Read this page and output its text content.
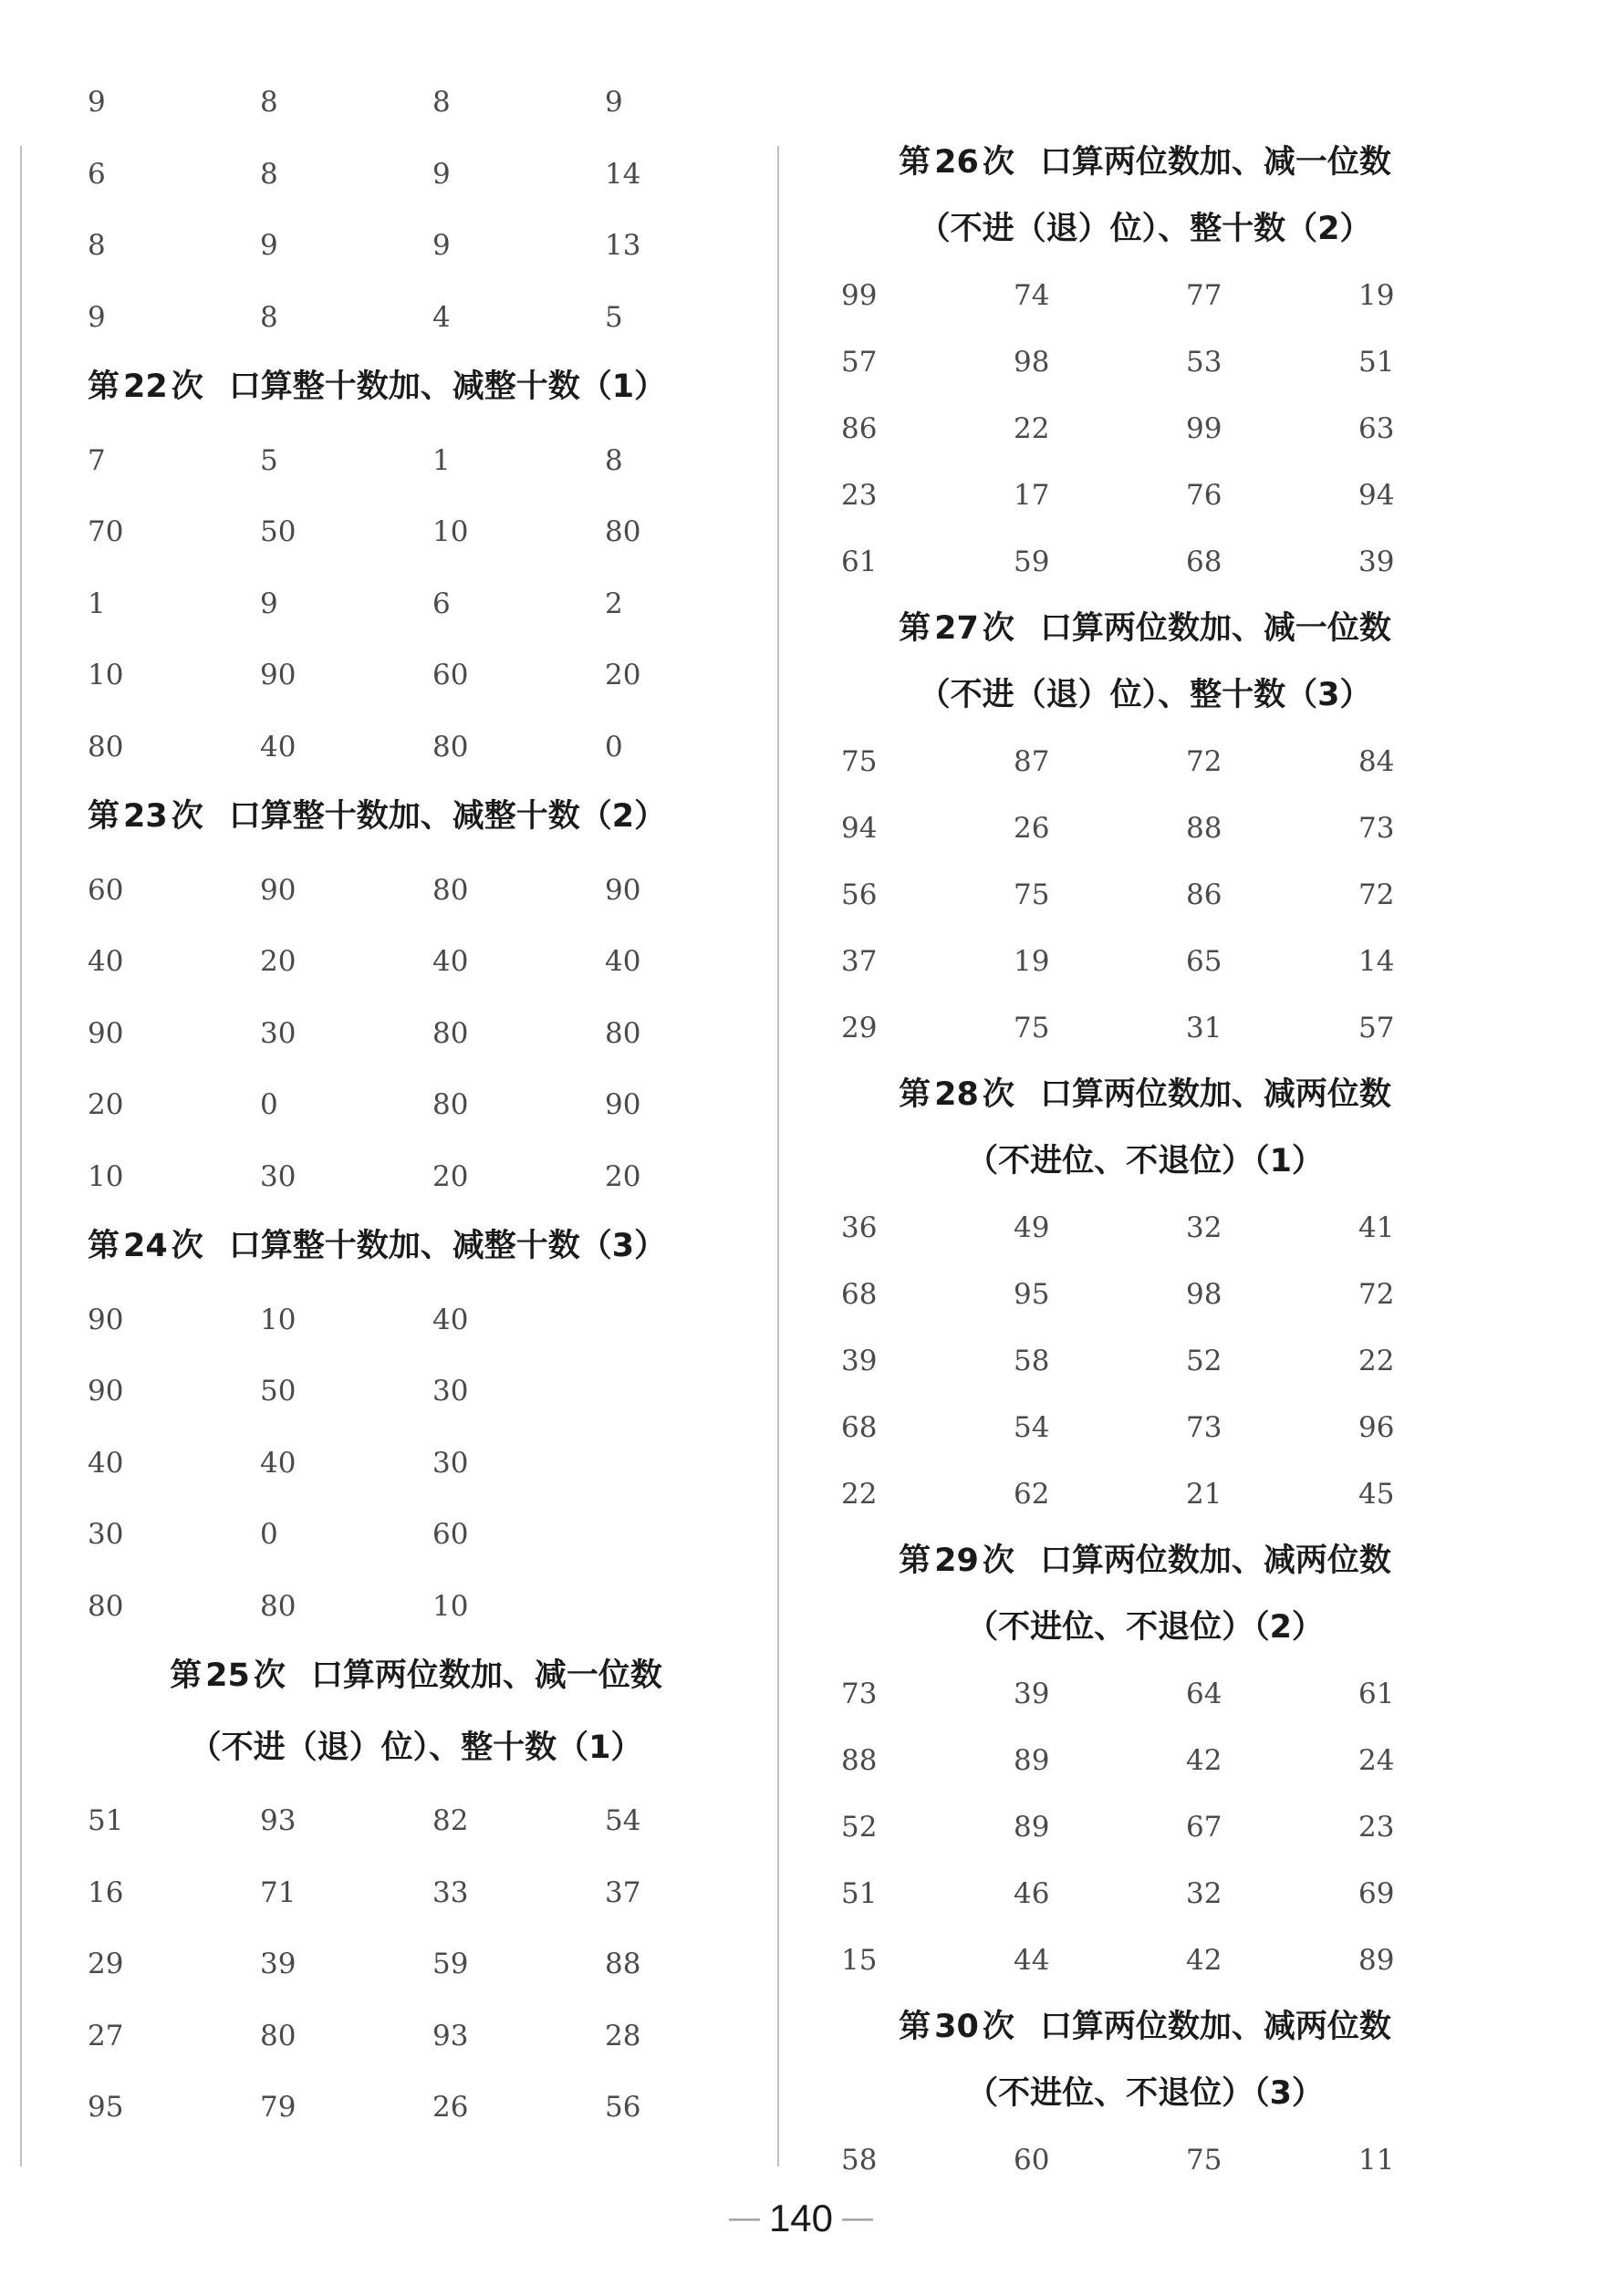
9	8	8	9
6	8	9	14
8	9	9	13
9	8	4	5
第 22 次 口算整十数加、减整十数（1）
7	5	1	8
70	50	10	80
1	9	6	2
10	90	60	20
80	40	80	0
第 23 次 口算整十数加、减整十数（2）
60	90	80	90
40	20	40	40
90	30	80	80
20	0	80	90
10	30	20	20
第 24 次 口算整十数加、减整十数（3）
90	10	40
90	50	30
40	40	30
30	0	60
80	80	10
第 25 次 口算两位数加、减一位数
（不进（退）位）、整十数（1）
51	93	82	54
16	71	33	37
29	39	59	88
27	80	93	28
95	79	26	56
第 26 次 口算两位数加、减一位数
（不进（退）位）、整十数（2）
99	74	77	19
57	98	53	51
86	22	99	63
23	17	76	94
61	59	68	39
第 27 次 口算两位数加、减一位数
（不进（退）位）、整十数（3）
75	87	72	84
94	26	88	73
56	75	86	72
37	19	65	14
29	75	31	57
第 28 次 口算两位数加、减两位数
（不进位、不退位）（1）
36	49	32	41
68	95	98	72
39	58	52	22
68	54	73	96
22	62	21	45
第 29 次 口算两位数加、减两位数
（不进位、不退位）（2）
73	39	64	61
88	89	42	24
52	89	67	23
51	46	32	69
15	44	42	89
第 30 次 口算两位数加、减两位数
（不进位、不退位）（3）
58	60	75	11
— 140 —
